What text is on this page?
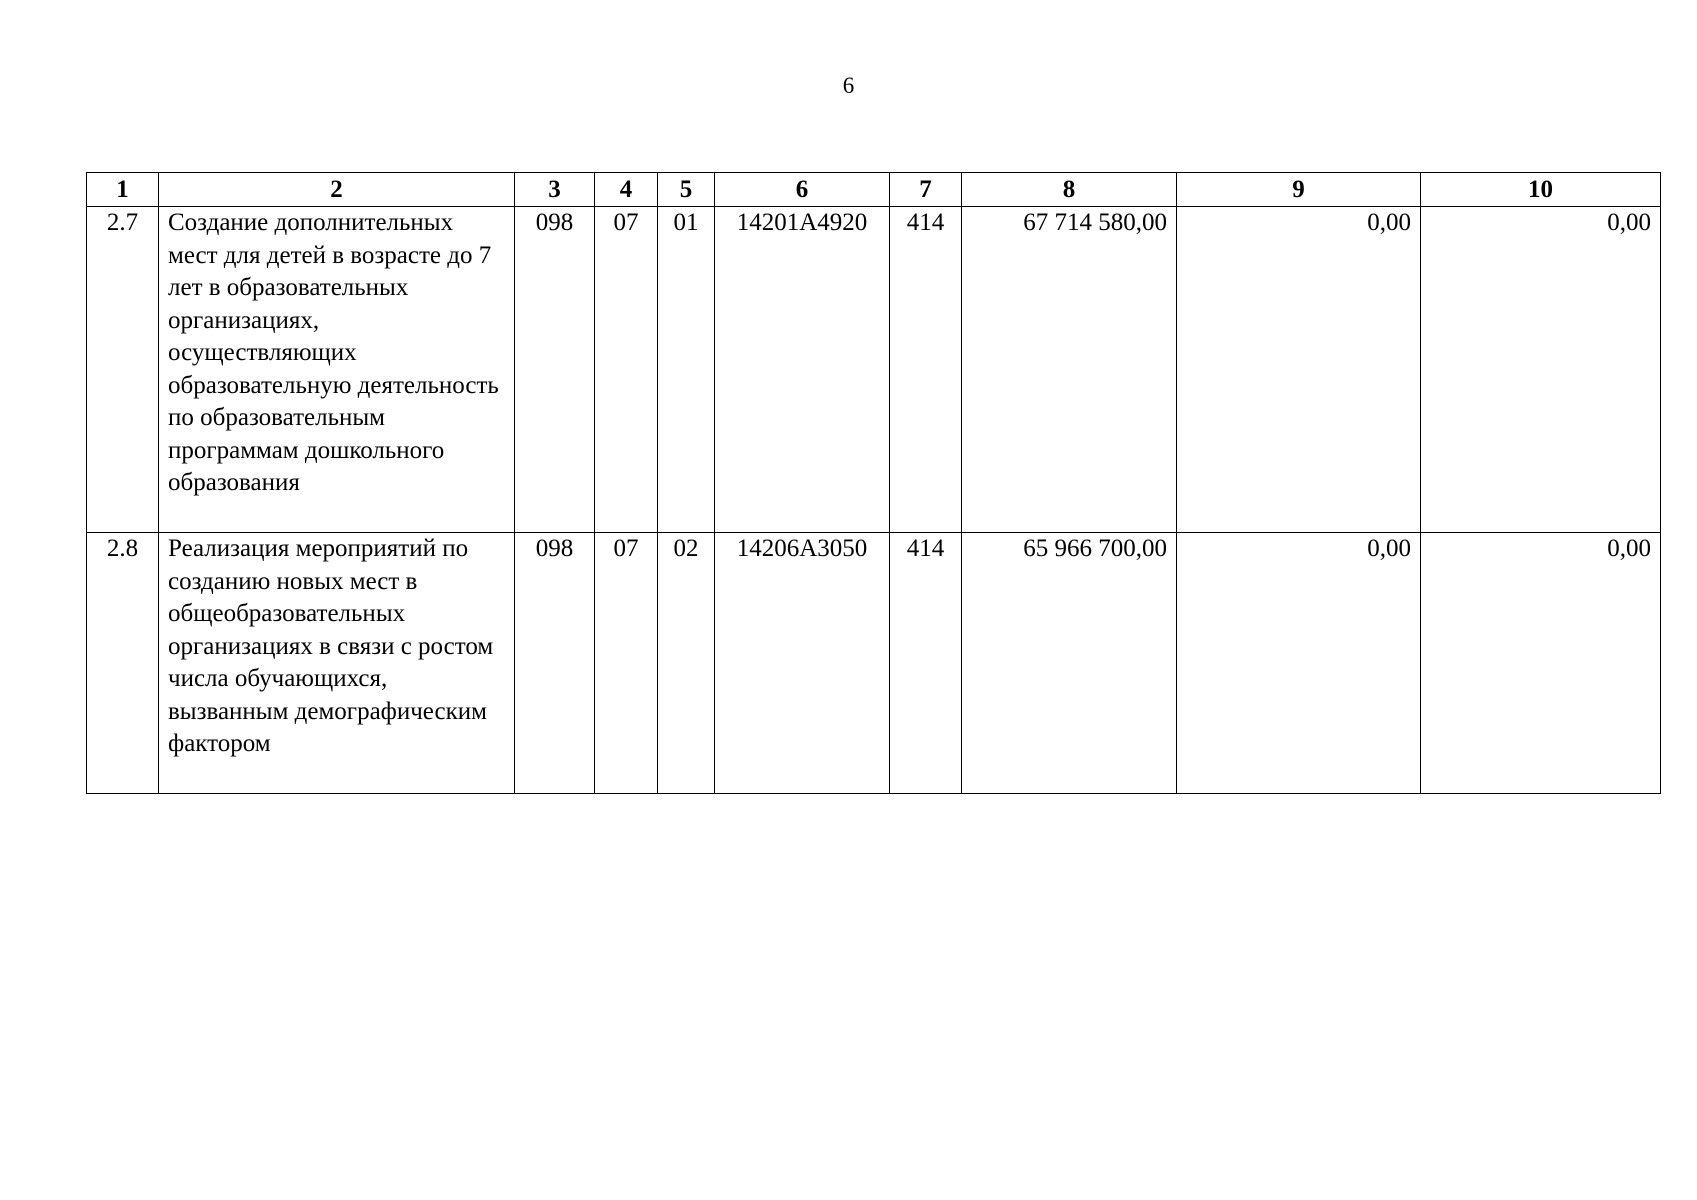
6
1	2	3	4	5	6	7	8	9	10
2.7	Создание дополнительных мест для детей в возрасте до 7 лет в образовательных организациях, осуществляющих образовательную деятельность по образовательным программам дошкольного образования	098	07	01	14201А4920	414	67 714 580,00	0,00	0,00
2.8	Реализация мероприятий по созданию новых мест в общеобразовательных организациях в связи с ростом числа обучающихся, вызванным демографическим фактором	098	07	02	14206А3050	414	65 966 700,00	0,00	0,00
